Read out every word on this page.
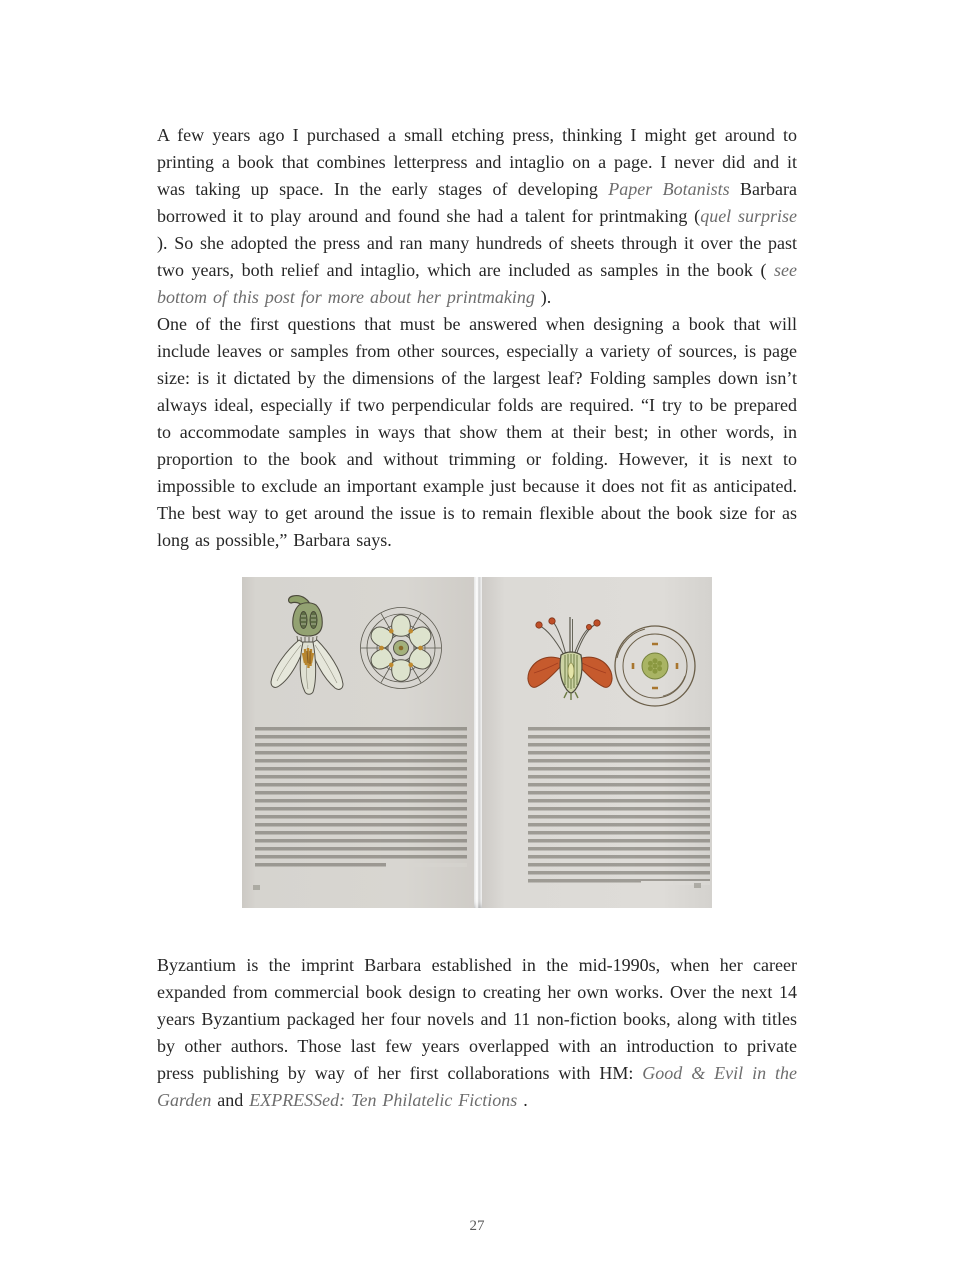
A few years ago I purchased a small etching press, thinking I might get around to printing a book that combines letterpress and intaglio on a page. I never did and it was taking up space. In the early stages of developing Paper Botanists Barbara borrowed it to play around and found she had a talent for printmaking (quel surprise ). So she adopted the press and ran many hundreds of sheets through it over the past two years, both relief and intaglio, which are included as samples in the book ( see bottom of this post for more about her printmaking ).

One of the first questions that must be answered when designing a book that will include leaves or samples from other sources, especially a variety of sources, is page size: is it dictated by the dimensions of the largest leaf? Folding samples down isn’t always ideal, especially if two perpendicular folds are required. “I try to be prepared to accommodate samples in ways that show them at their best; in other words, in proportion to the book and without trimming or folding. However, it is next to impossible to exclude an important example just because it does not fit as anticipated. The best way to get around the issue is to remain flexible about the book size for as long as possible,” Barbara says.

Byzantium is the imprint Barbara established in the mid-1990s, when her career expanded from commercial book design to creating her own works. Over the next 14 years Byzantium packaged her four novels and 11 non-fiction books, along with titles by other authors. Those last few years overlapped with an introduction to private press publishing by way of her first collaborations with HM: Good & Evil in the Garden and EXPRESSed: Ten Philatelic Fictions .

27
